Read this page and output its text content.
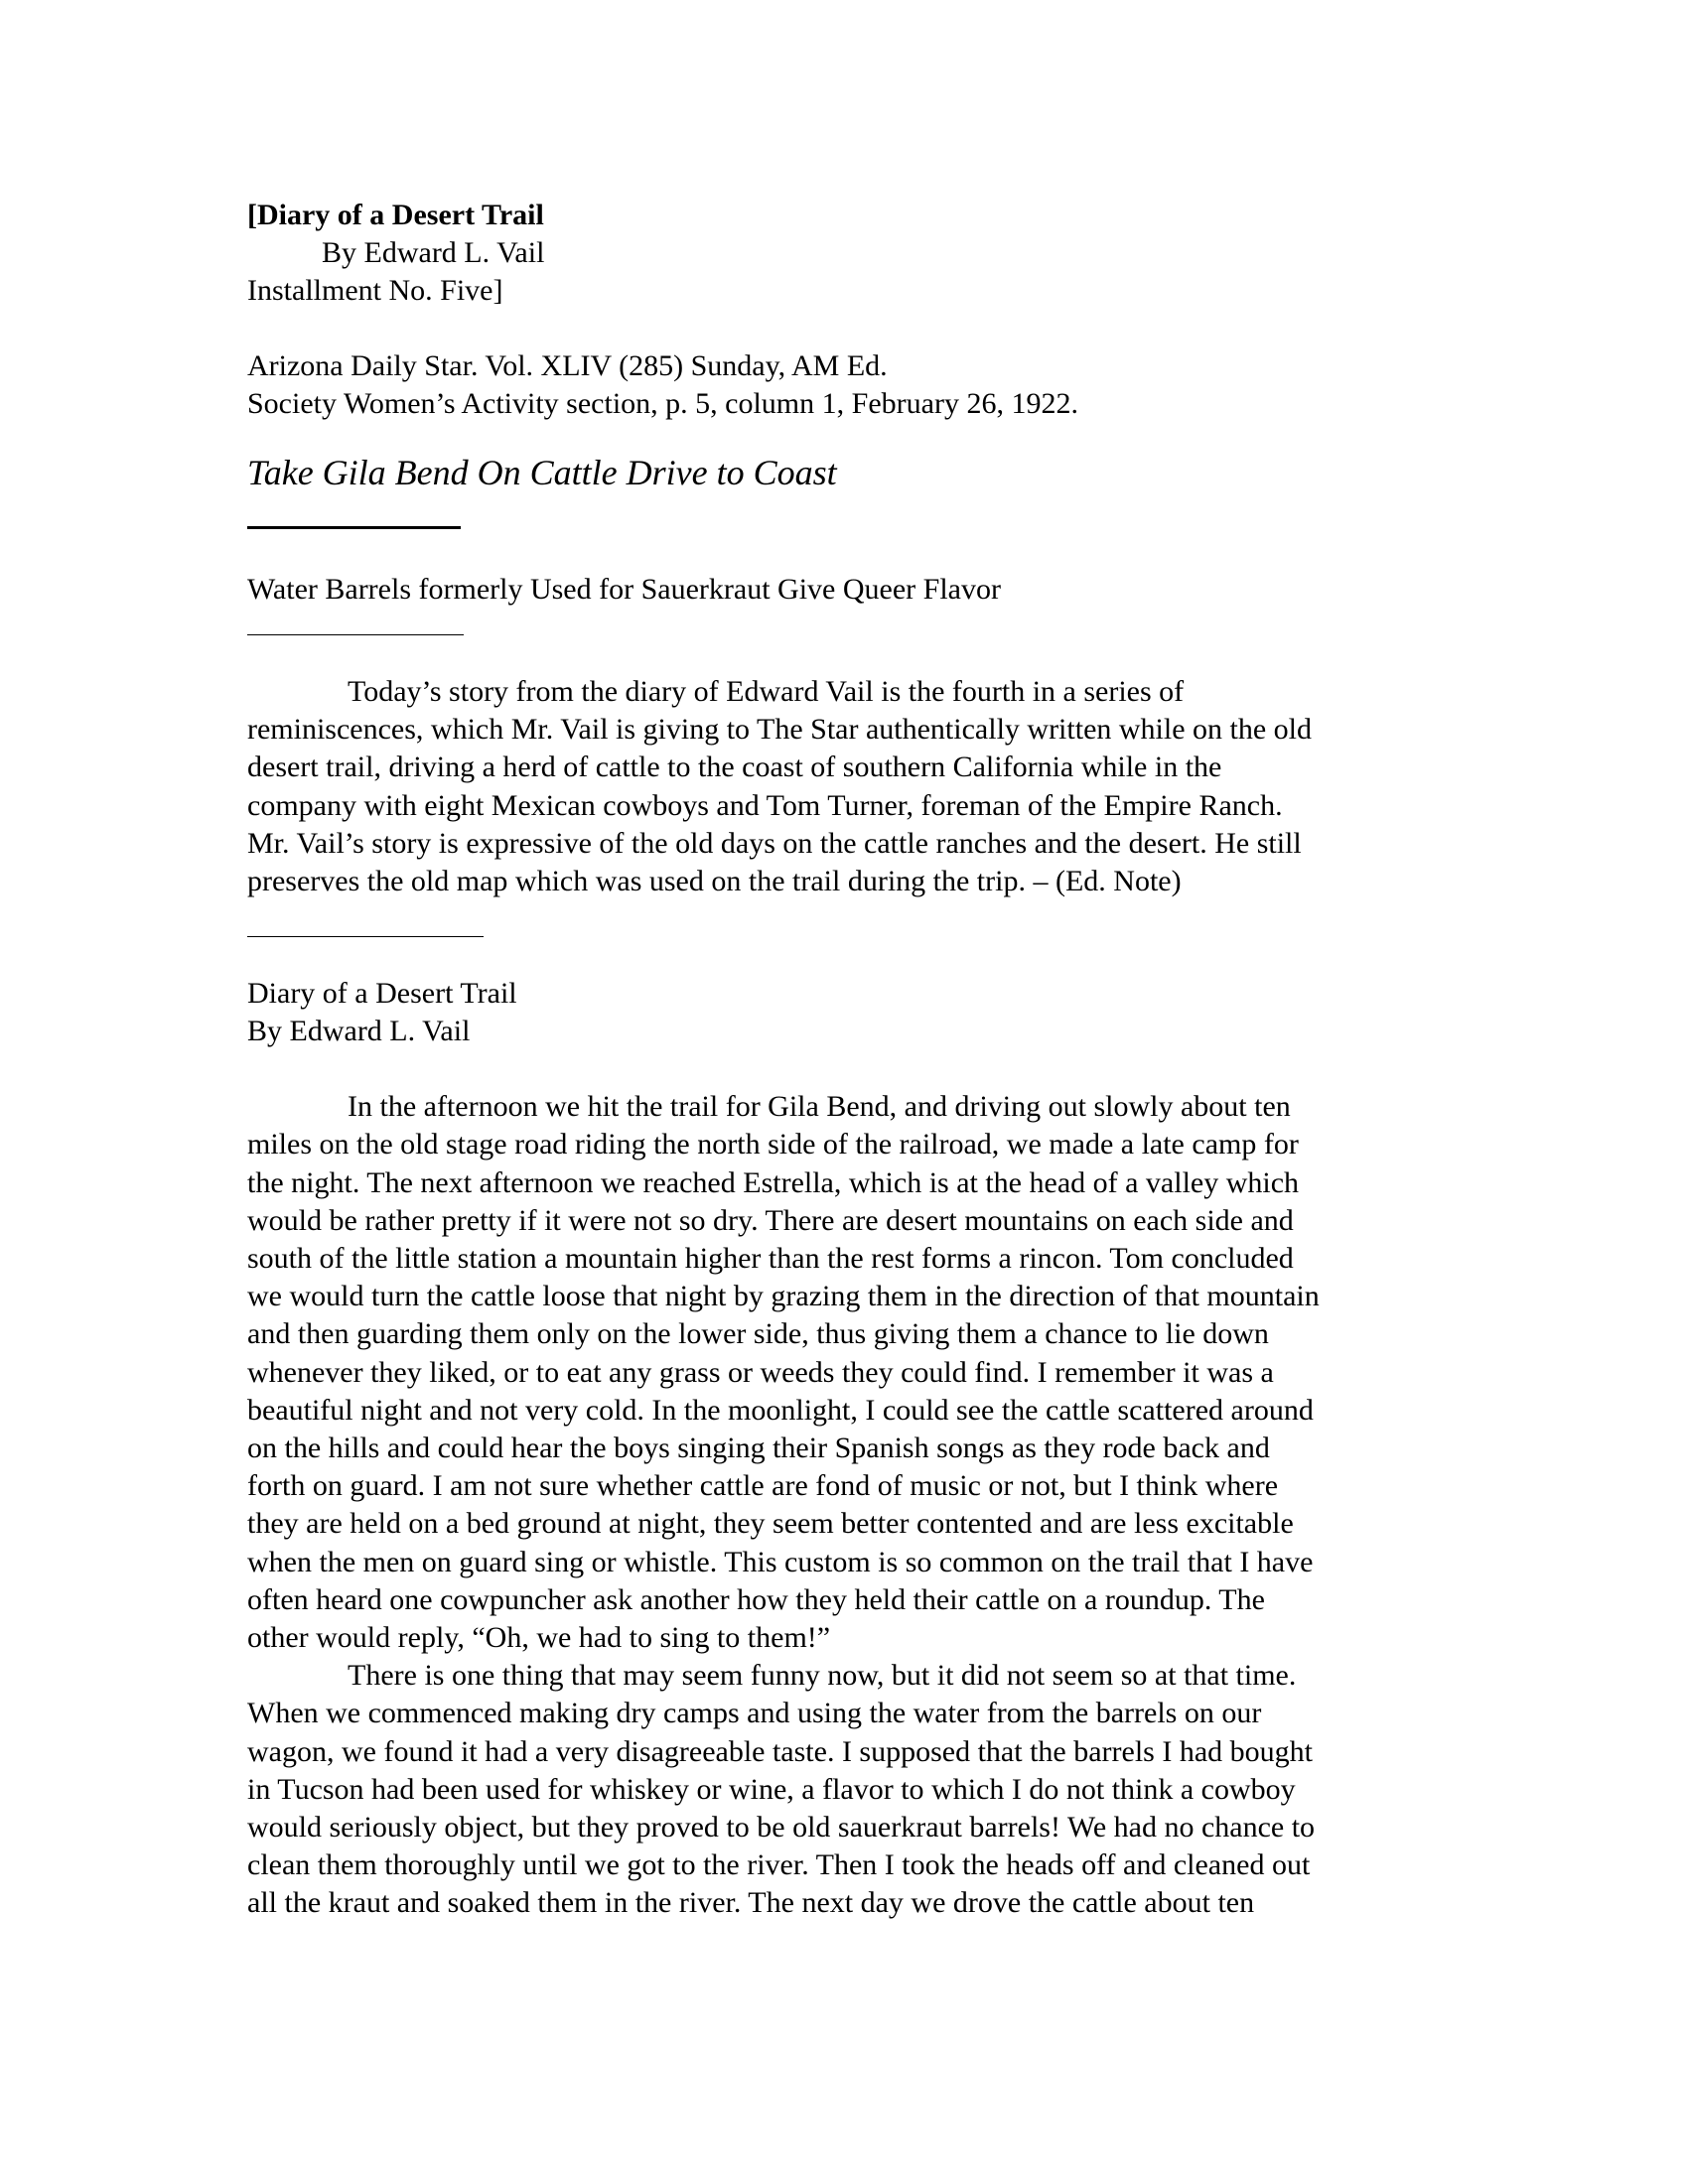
[Diary of a Desert Trail

By Edward L. Vail

Installment No. Five]

Arizona Daily Star. Vol. XLIV (285) Sunday, AM Ed.

Society Women’s Activity section, p. 5, column 1, February 26, 1922.

Take Gila Bend On Cattle Drive to Coast

Water Barrels formerly Used for Sauerkraut Give Queer Flavor

Today’s story from the diary of Edward Vail is the fourth in a series of
reminiscences, which Mr. Vail is giving to The Star authentically written while on the old
desert trail, driving a herd of cattle to the coast of southern California while in the
company with eight Mexican cowboys and Tom Turner, foreman of the Empire Ranch.
Mr. Vail’s story is expressive of the old days on the cattle ranches and the desert. He still
preserves the old map which was used on the trail during the trip. – (Ed. Note)

Diary of a Desert Trail

By Edward L. Vail

In the afternoon we hit the trail for Gila Bend, and driving out slowly about ten
miles on the old stage road riding the north side of the railroad, we made a late camp for
the night. The next afternoon we reached Estrella, which is at the head of a valley which
would be rather pretty if it were not so dry. There are desert mountains on each side and
south of the little station a mountain higher than the rest forms a rincon. Tom concluded
we would turn the cattle loose that night by grazing them in the direction of that mountain
and then guarding them only on the lower side, thus giving them a chance to lie down
whenever they liked, or to eat any grass or weeds they could find. I remember it was a
beautiful night and not very cold. In the moonlight, I could see the cattle scattered around
on the hills and could hear the boys singing their Spanish songs as they rode back and
forth on guard. I am not sure whether cattle are fond of music or not, but I think where
they are held on a bed ground at night, they seem better contented and are less excitable
when the men on guard sing or whistle. This custom is so common on the trail that I have
often heard one cowpuncher ask another how they held their cattle on a roundup. The
other would reply, “Oh, we had to sing to them!”
There is one thing that may seem funny now, but it did not seem so at that time.
When we commenced making dry camps and using the water from the barrels on our
wagon, we found it had a very disagreeable taste. I supposed that the barrels I had bought
in Tucson had been used for whiskey or wine, a flavor to which I do not think a cowboy
would seriously object, but they proved to be old sauerkraut barrels! We had no chance to
clean them thoroughly until we got to the river. Then I took the heads off and cleaned out
all the kraut and soaked them in the river. The next day we drove the cattle about ten
